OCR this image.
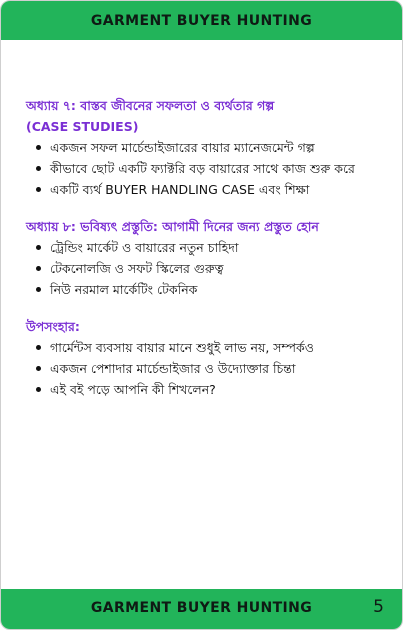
GARMENT BUYER HUNTING

অধ্যায় ৭: বাস্তব জীবনের সফলতা ও ব্যর্থতার গল্প

(CASE STUDIES)

একজন সফল মার্চেন্ডাইজারের বায়ার ম্যানেজমেন্ট গল্প
কীভাবে ছোট একটি ফ্যাক্টরি বড় বায়ারের সাথে কাজ শুরু করে
একটি ব্যর্থ BUYER HANDLING CASE এবং শিক্ষা

অধ্যায় ৮: ভবিষ্যৎ প্রস্তুতি: আগামী দিনের জন্য প্রস্তুত হোন

ট্রেন্ডিং মার্কেট ও বায়ারের নতুন চাহিদা
টেকনোলজি ও সফট স্কিলের গুরুত্ব
নিউ নরমাল মার্কেটিং টেকনিক

উপসংহার:

গার্মেন্টস ব্যবসায় বায়ার মানে শুধুই লাভ নয়, সম্পর্কও
একজন পেশাদার মার্চেন্ডাইজার ও উদ্যোক্তার চিন্তা
এই বই পড়ে আপনি কী শিখলেন?
GARMENT BUYER HUNTING	5
